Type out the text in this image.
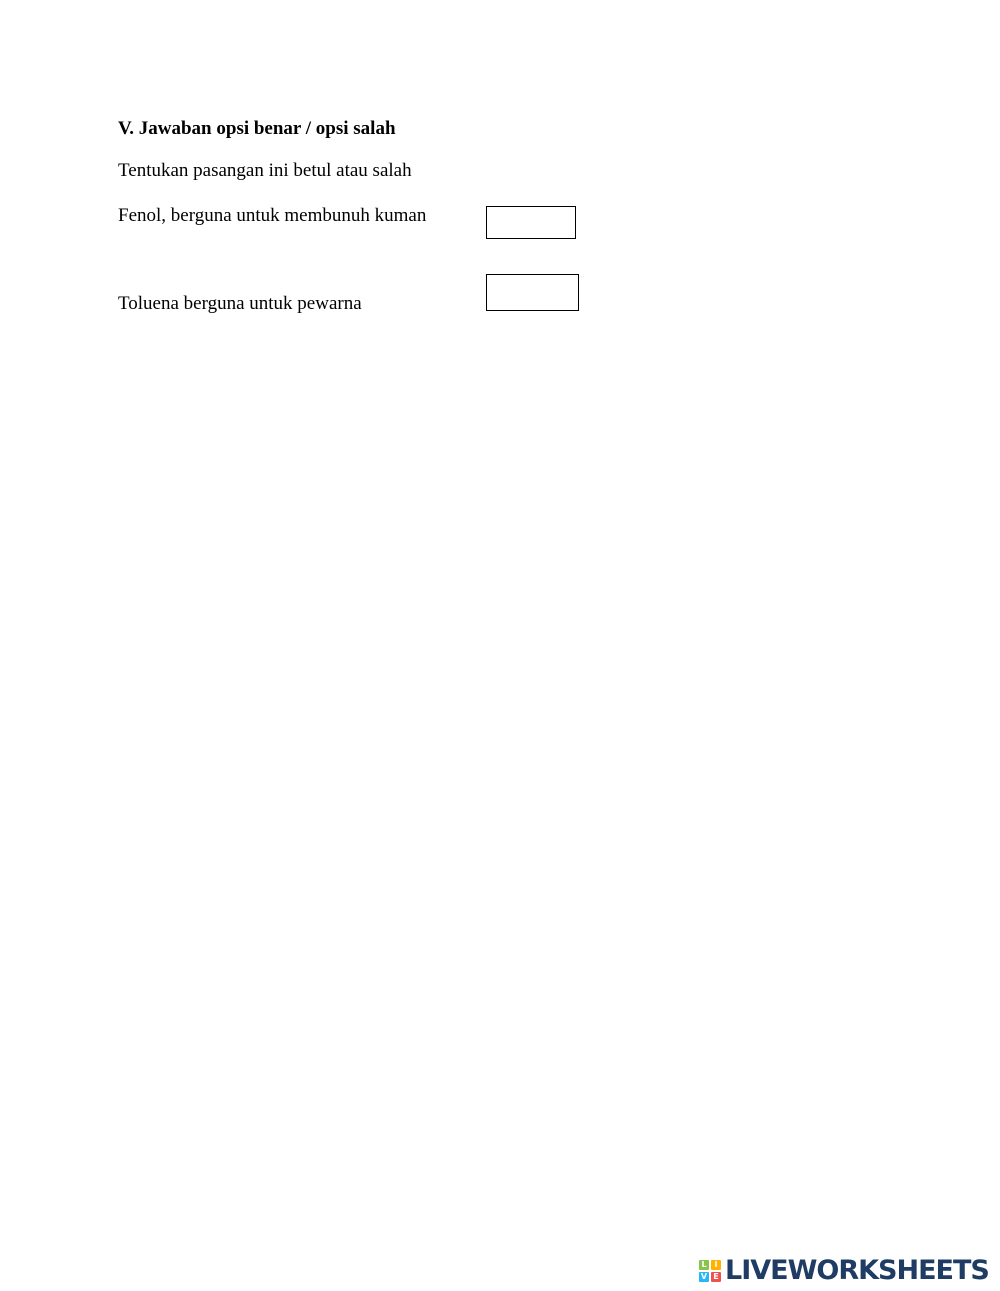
V. Jawaban opsi benar / opsi salah
Tentukan pasangan ini betul atau salah
Fenol, berguna untuk membunuh kuman
Toluena berguna untuk pewarna
L I
V E LIVEWORKSHEETS
